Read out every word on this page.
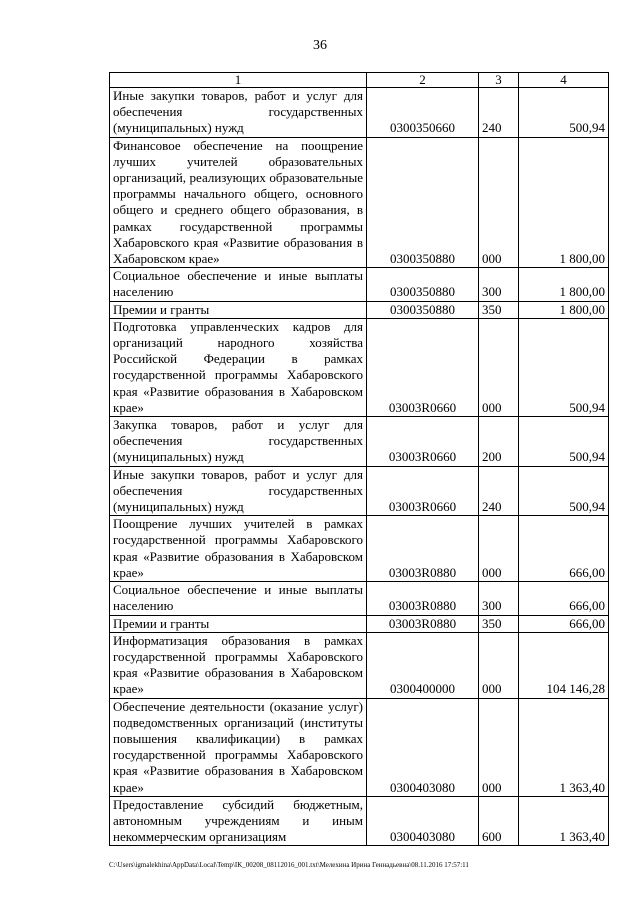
36
1	2	3	4
Иные закупки товаров, работ и услуг для обеспечения государственных (муниципальных) нужд	0300350660	240	500,94
Финансовое обеспечение на поощрение лучших учителей образовательных организаций, реализующих образовательные программы начального общего, основного общего и среднего общего образования, в рамках государственной программы Хабаровского края «Развитие образования в Хабаровском крае»	0300350880	000	1 800,00
Социальное обеспечение и иные выплаты населению	0300350880	300	1 800,00
Премии и гранты	0300350880	350	1 800,00
Подготовка управленческих кадров для организаций народного хозяйства Российской Федерации в рамках государственной программы Хабаровского края «Развитие образования в Хабаровском крае»	03003R0660	000	500,94
Закупка товаров, работ и услуг для обеспечения государственных (муниципальных) нужд	03003R0660	200	500,94
Иные закупки товаров, работ и услуг для обеспечения государственных (муниципальных) нужд	03003R0660	240	500,94
Поощрение лучших учителей в рамках государственной программы Хабаровского края «Развитие образования в Хабаровском крае»	03003R0880	000	666,00
Социальное обеспечение и иные выплаты населению	03003R0880	300	666,00
Премии и гранты	03003R0880	350	666,00
Информатизация образования в рамках государственной программы Хабаровского края «Развитие образования в Хабаровском крае»	0300400000	000	104 146,28
Обеспечение деятельности (оказание услуг) подведомственных организаций (институты повышения квалификации) в рамках государственной программы Хабаровского края «Развитие образования в Хабаровском крае»	0300403080	000	1 363,40
Предоставление субсидий бюджетным, автономным учреждениям и иным некоммерческим организациям	0300403080	600	1 363,40
C:\Users\igmalekhina\AppData\Local\Temp\IK_00208_08112016_001.txt\Мелехина Ирина Геннадьевна\08.11.2016 17:57:11
